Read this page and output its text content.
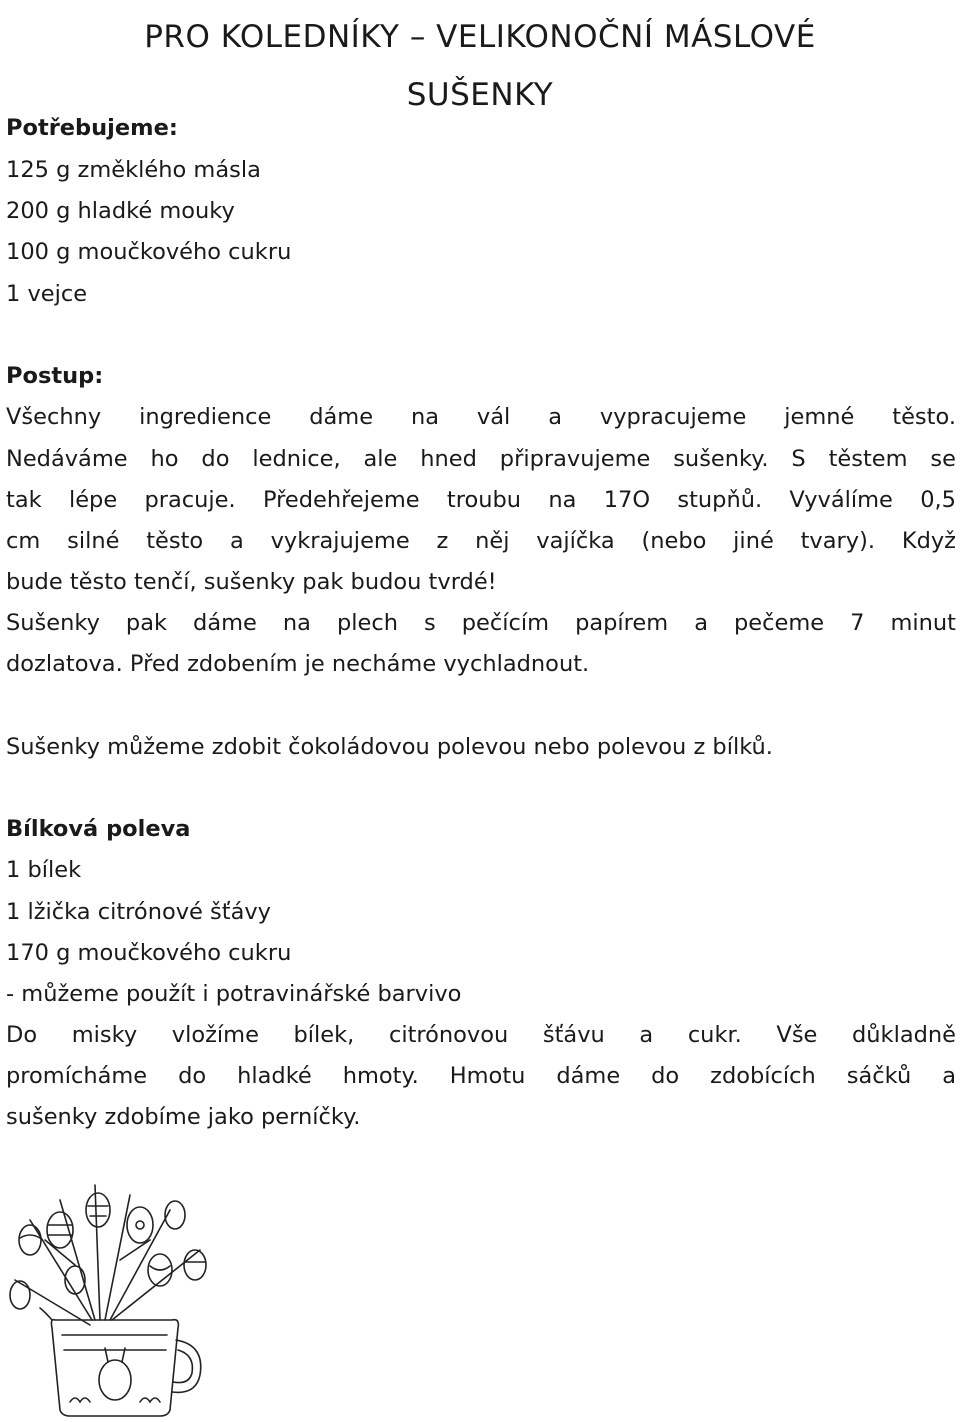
PRO KOLEDNÍKY – VELIKONOČNÍ MÁSLOVÉ
SUŠENKY
Potřebujeme:
125 g změklého másla
200 g hladké mouky
100 g moučkového cukru
1 vejce
Postup:
Všechny ingredience dáme na vál a vypracujeme jemné těsto.
Nedáváme ho do lednice, ale hned připravujeme sušenky. S těstem se
tak lépe pracuje. Předehřejeme troubu na 17O stupňů. Vyválíme 0,5
cm silné těsto a vykrajujeme z něj vajíčka (nebo jiné tvary). Když
bude těsto tenčí, sušenky pak budou tvrdé!
Sušenky pak dáme na plech s pečícím papírem a pečeme 7 minut
dozlatova. Před zdobením je necháme vychladnout.
Sušenky můžeme zdobit čokoládovou polevou nebo polevou z bílků.
Bílková poleva
1 bílek
1 lžička citrónové šťávy
170 g moučkového cukru
- můžeme použít i potravinářské barvivo
Do misky vložíme bílek, citrónovou šťávu a cukr. Vše důkladně
promícháme do hladké hmoty. Hmotu dáme do zdobících sáčků a
sušenky zdobíme jako perníčky.
